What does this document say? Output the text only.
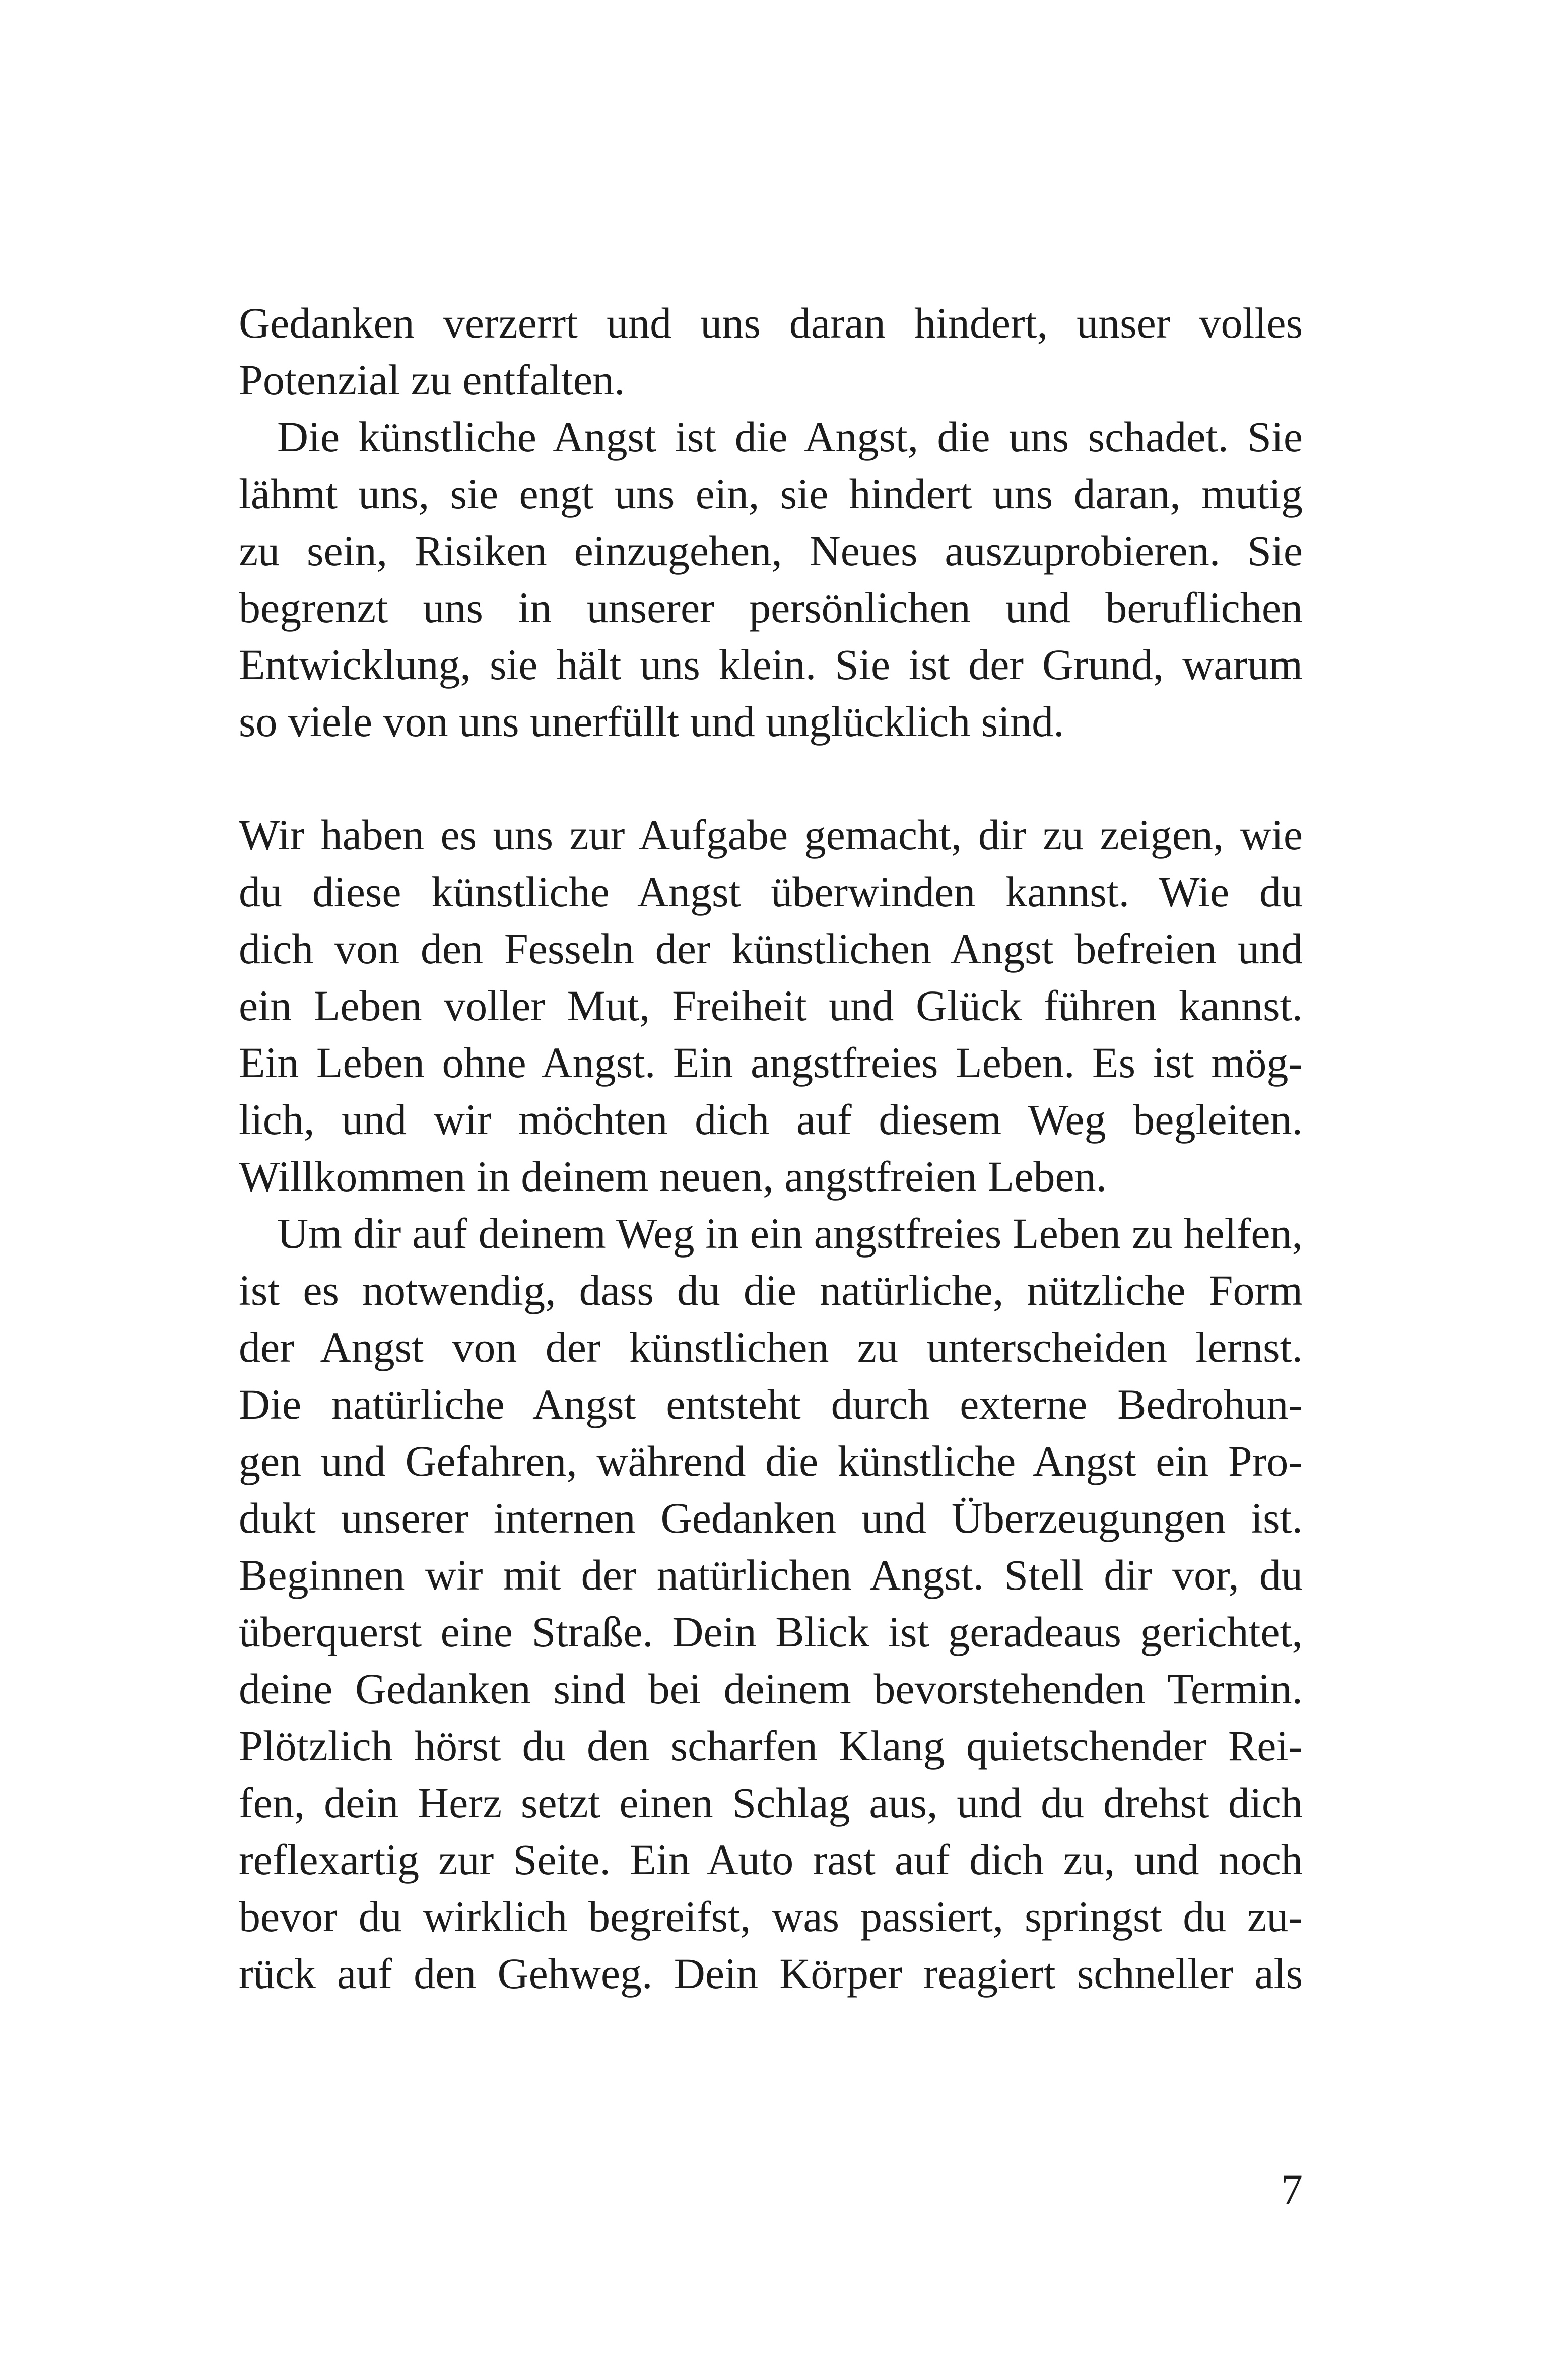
Gedanken verzerrt und uns daran hindert, unser volles
Potenzial zu entfalten.
Die künstliche Angst ist die Angst, die uns schadet. Sie
lähmt uns, sie engt uns ein, sie hindert uns daran, mutig
zu sein, Risiken einzugehen, Neues auszuprobieren. Sie
begrenzt uns in unserer persönlichen und beruflichen
Entwicklung, sie hält uns klein. Sie ist der Grund, warum
so viele von uns unerfüllt und unglücklich sind.
Wir haben es uns zur Aufgabe gemacht, dir zu zeigen, wie
du diese künstliche Angst überwinden kannst. Wie du
dich von den Fesseln der künstlichen Angst befreien und
ein Leben voller Mut, Freiheit und Glück führen kannst.
Ein Leben ohne Angst. Ein angstfreies Leben. Es ist mög-
lich, und wir möchten dich auf diesem Weg begleiten.
Willkommen in deinem neuen, angstfreien Leben.
Um dir auf deinem Weg in ein angstfreies Leben zu helfen,
ist es notwendig, dass du die natürliche, nützliche Form
der Angst von der künstlichen zu unterscheiden lernst.
Die natürliche Angst entsteht durch externe Bedrohun-
gen und Gefahren, während die künstliche Angst ein Pro-
dukt unserer internen Gedanken und Überzeugungen ist.
Beginnen wir mit der natürlichen Angst. Stell dir vor, du
überquerst eine Straße. Dein Blick ist geradeaus gerichtet,
deine Gedanken sind bei deinem bevorstehenden Termin.
Plötzlich hörst du den scharfen Klang quietschender Rei-
fen, dein Herz setzt einen Schlag aus, und du drehst dich
reflexartig zur Seite. Ein Auto rast auf dich zu, und noch
bevor du wirklich begreifst, was passiert, springst du zu-
rück auf den Gehweg. Dein Körper reagiert schneller als
7
